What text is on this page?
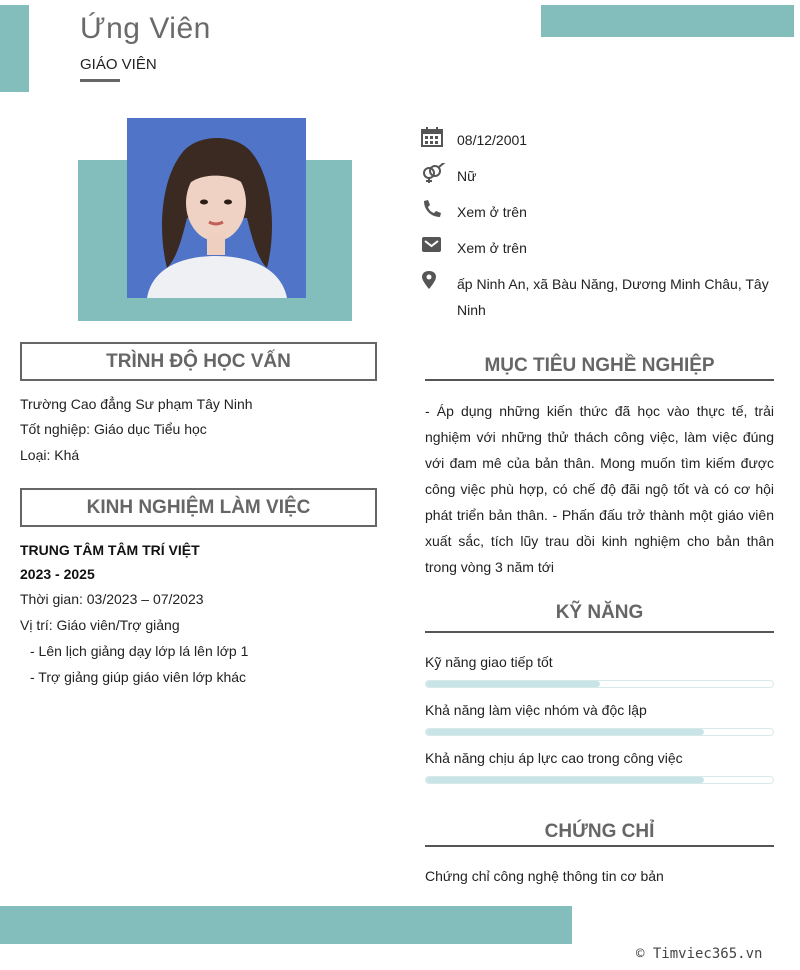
Ứng Viên
GIÁO VIÊN
08/12/2001
Nữ
Xem ở trên
Xem ở trên
ấp Ninh An, xã Bàu Năng, Dương Minh Châu, Tây Ninh
TRÌNH ĐỘ HỌC VẤN
Trường Cao đẳng Sư phạm Tây Ninh
Tốt nghiệp: Giáo dục Tiểu học
Loại: Khá
KINH NGHIỆM LÀM VIỆC
TRUNG TÂM TÂM TRÍ VIỆT
2023 - 2025
Thời gian: 03/2023 – 07/2023
Vị trí: Giáo viên/Trợ giảng
- Lên lịch giảng dạy lớp lá lên lớp 1
- Trợ giảng giúp giáo viên lớp khác
MỤC TIÊU NGHỀ NGHIỆP
- Áp dụng những kiến thức đã học vào thực tế, trải nghiệm với những thử thách công việc, làm việc đúng với đam mê của bản thân. Mong muốn tìm kiếm được công việc phù hợp, có chế độ đãi ngộ tốt và có cơ hội phát triển bản thân. - Phấn đấu trở thành một giáo viên xuất sắc, tích lũy trau dồi kinh nghiệm cho bản thân trong vòng 3 năm tới
KỸ NĂNG
Kỹ năng giao tiếp tốt
Khả năng làm việc nhóm và độc lập
Khả năng chịu áp lực cao trong công việc
CHỨNG CHỈ
Chứng chỉ công nghệ thông tin cơ bản
© Timviec365.vn
